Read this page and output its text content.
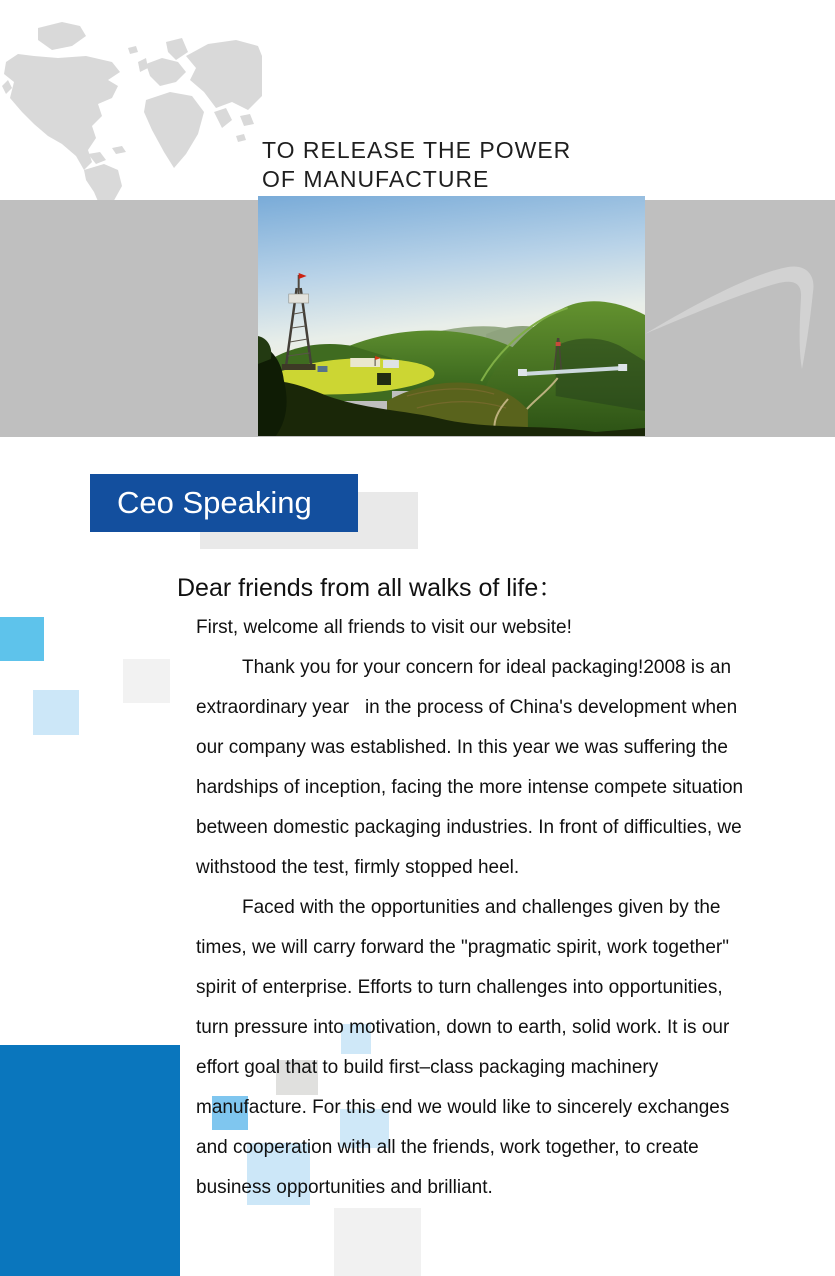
TO RELEASE THE POWER
OF MANUFACTURE
Ceo Speaking
Dear friends from all walks of life：
First, welcome all friends to visit our website!
Thank you for your concern for ideal packaging!2008 is an
extraordinary year   in the process of China's development when
our company was established. In this year we was suffering the
hardships of inception, facing the more intense compete situation
between domestic packaging industries. In front of difficulties, we
withstood the test, firmly stopped heel.
Faced with the opportunities and challenges given by the
times, we will carry forward the "pragmatic spirit, work together"
spirit of enterprise. Efforts to turn challenges into opportunities,
turn pressure into motivation, down to earth, solid work. It is our
effort goal that to build first–class packaging machinery
manufacture. For this end we would like to sincerely exchanges
and cooperation with all the friends, work together, to create
business opportunities and brilliant.
